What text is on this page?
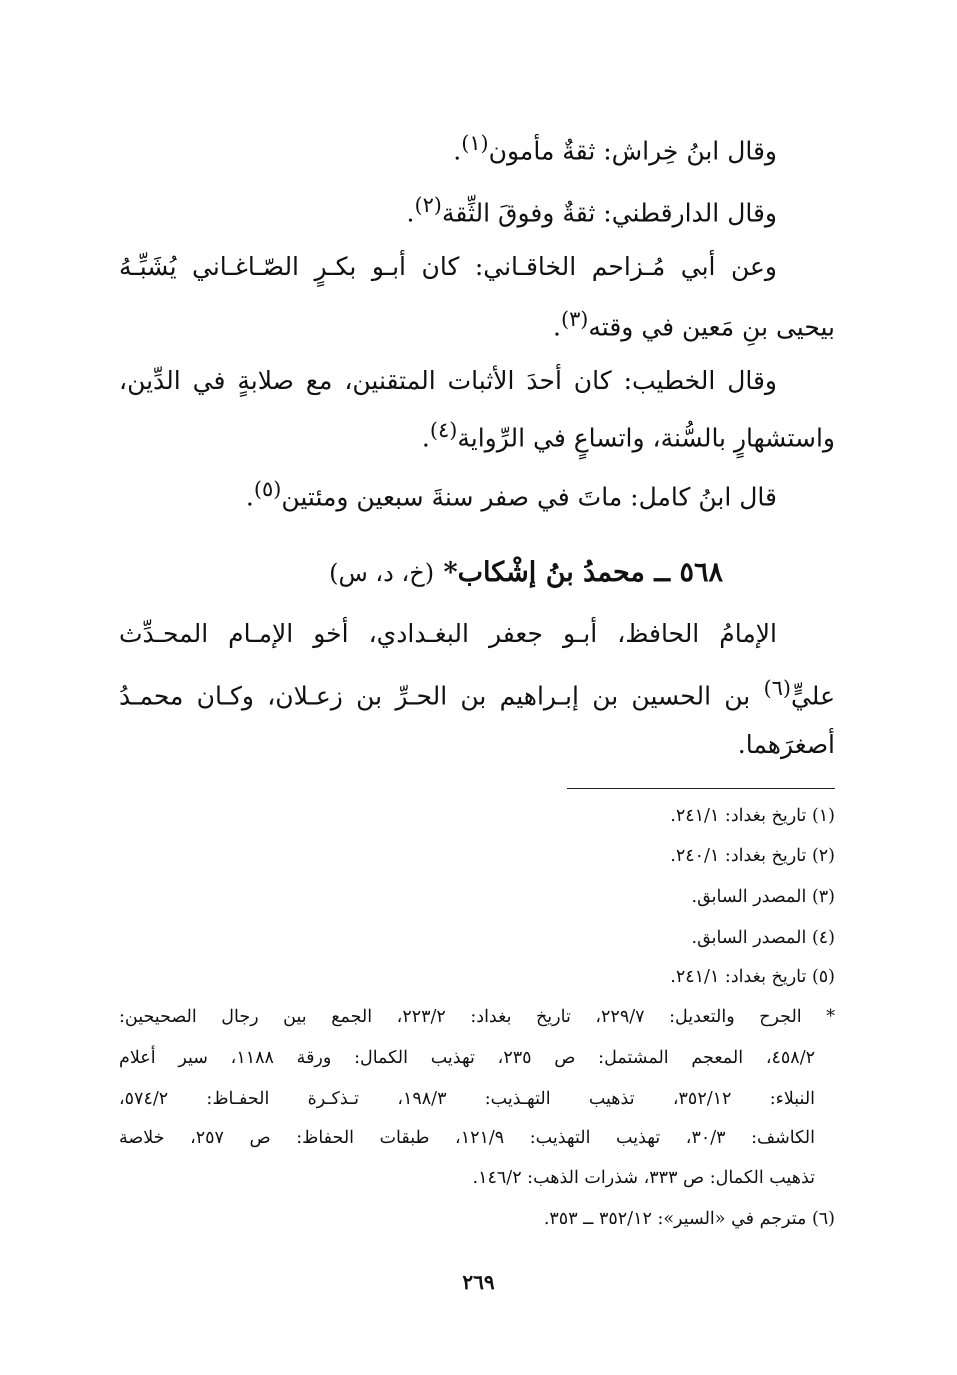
وقال ابنُ خِراش: ثقةٌ مأمون$^{(١)}$.
وقال الدارقطني: ثقةٌ وفوقَ الثِّقة$^{(٢)}$.
وعن أبي مُـزاحم الخاقـاني: كان أبـو بكـرٍ الصّـاغـاني يُشَبِّـهُ
بيحيى بنِ مَعين في وقته$^{(٣)}$.
وقال الخطيب: كان أحدَ الأثبات المتقنين، مع صلابةٍ في الدِّين،
واستشهارٍ بالسُّنة، واتساعٍ في الرِّواية$^{(٤)}$.
قال ابنُ كامل: ماتَ في صفر سنةَ سبعين ومئتين$^{(٥)}$.
٥٦٨ ــ محمدُ بنُ إشْكاب* (خ، د، س)
الإمامُ الحافظ، أبـو جعفر البغـدادي، أخو الإمـام المحـدِّث
عليٍّ$^{(٦)}$ بن الحسين بن إبـراهيم بن الحـرِّ بن زعـلان، وكـان محمـدُ
أصغرَهما.
(١) تاريخ بغداد: ٢٤١/١.
(٢) تاريخ بغداد: ٢٤٠/١.
(٣) المصدر السابق.
(٤) المصدر السابق.
(٥) تاريخ بغداد: ٢٤١/١.
* الجرح والتعديل: ٢٢٩/٧، تاريخ بغداد: ٢٢٣/٢، الجمع بين رجال الصحيحين:
٤٥٨/٢، المعجم المشتمل: ص ٢٣٥، تهذيب الكمال: ورقة ١١٨٨، سير أعلام
النبلاء: ٣٥٢/١٢، تذهيب التهـذيب: ١٩٨/٣، تـذكـرة الحفـاظ: ٥٧٤/٢،
الكاشف: ٣٠/٣، تهذيب التهذيب: ١٢١/٩، طبقات الحفاظ: ص ٢٥٧، خلاصة
تذهيب الكمال: ص ٣٣٣، شذرات الذهب: ١٤٦/٢.
(٦) مترجم في «السير»: ٣٥٢/١٢ ــ ٣٥٣.
٢٦٩
